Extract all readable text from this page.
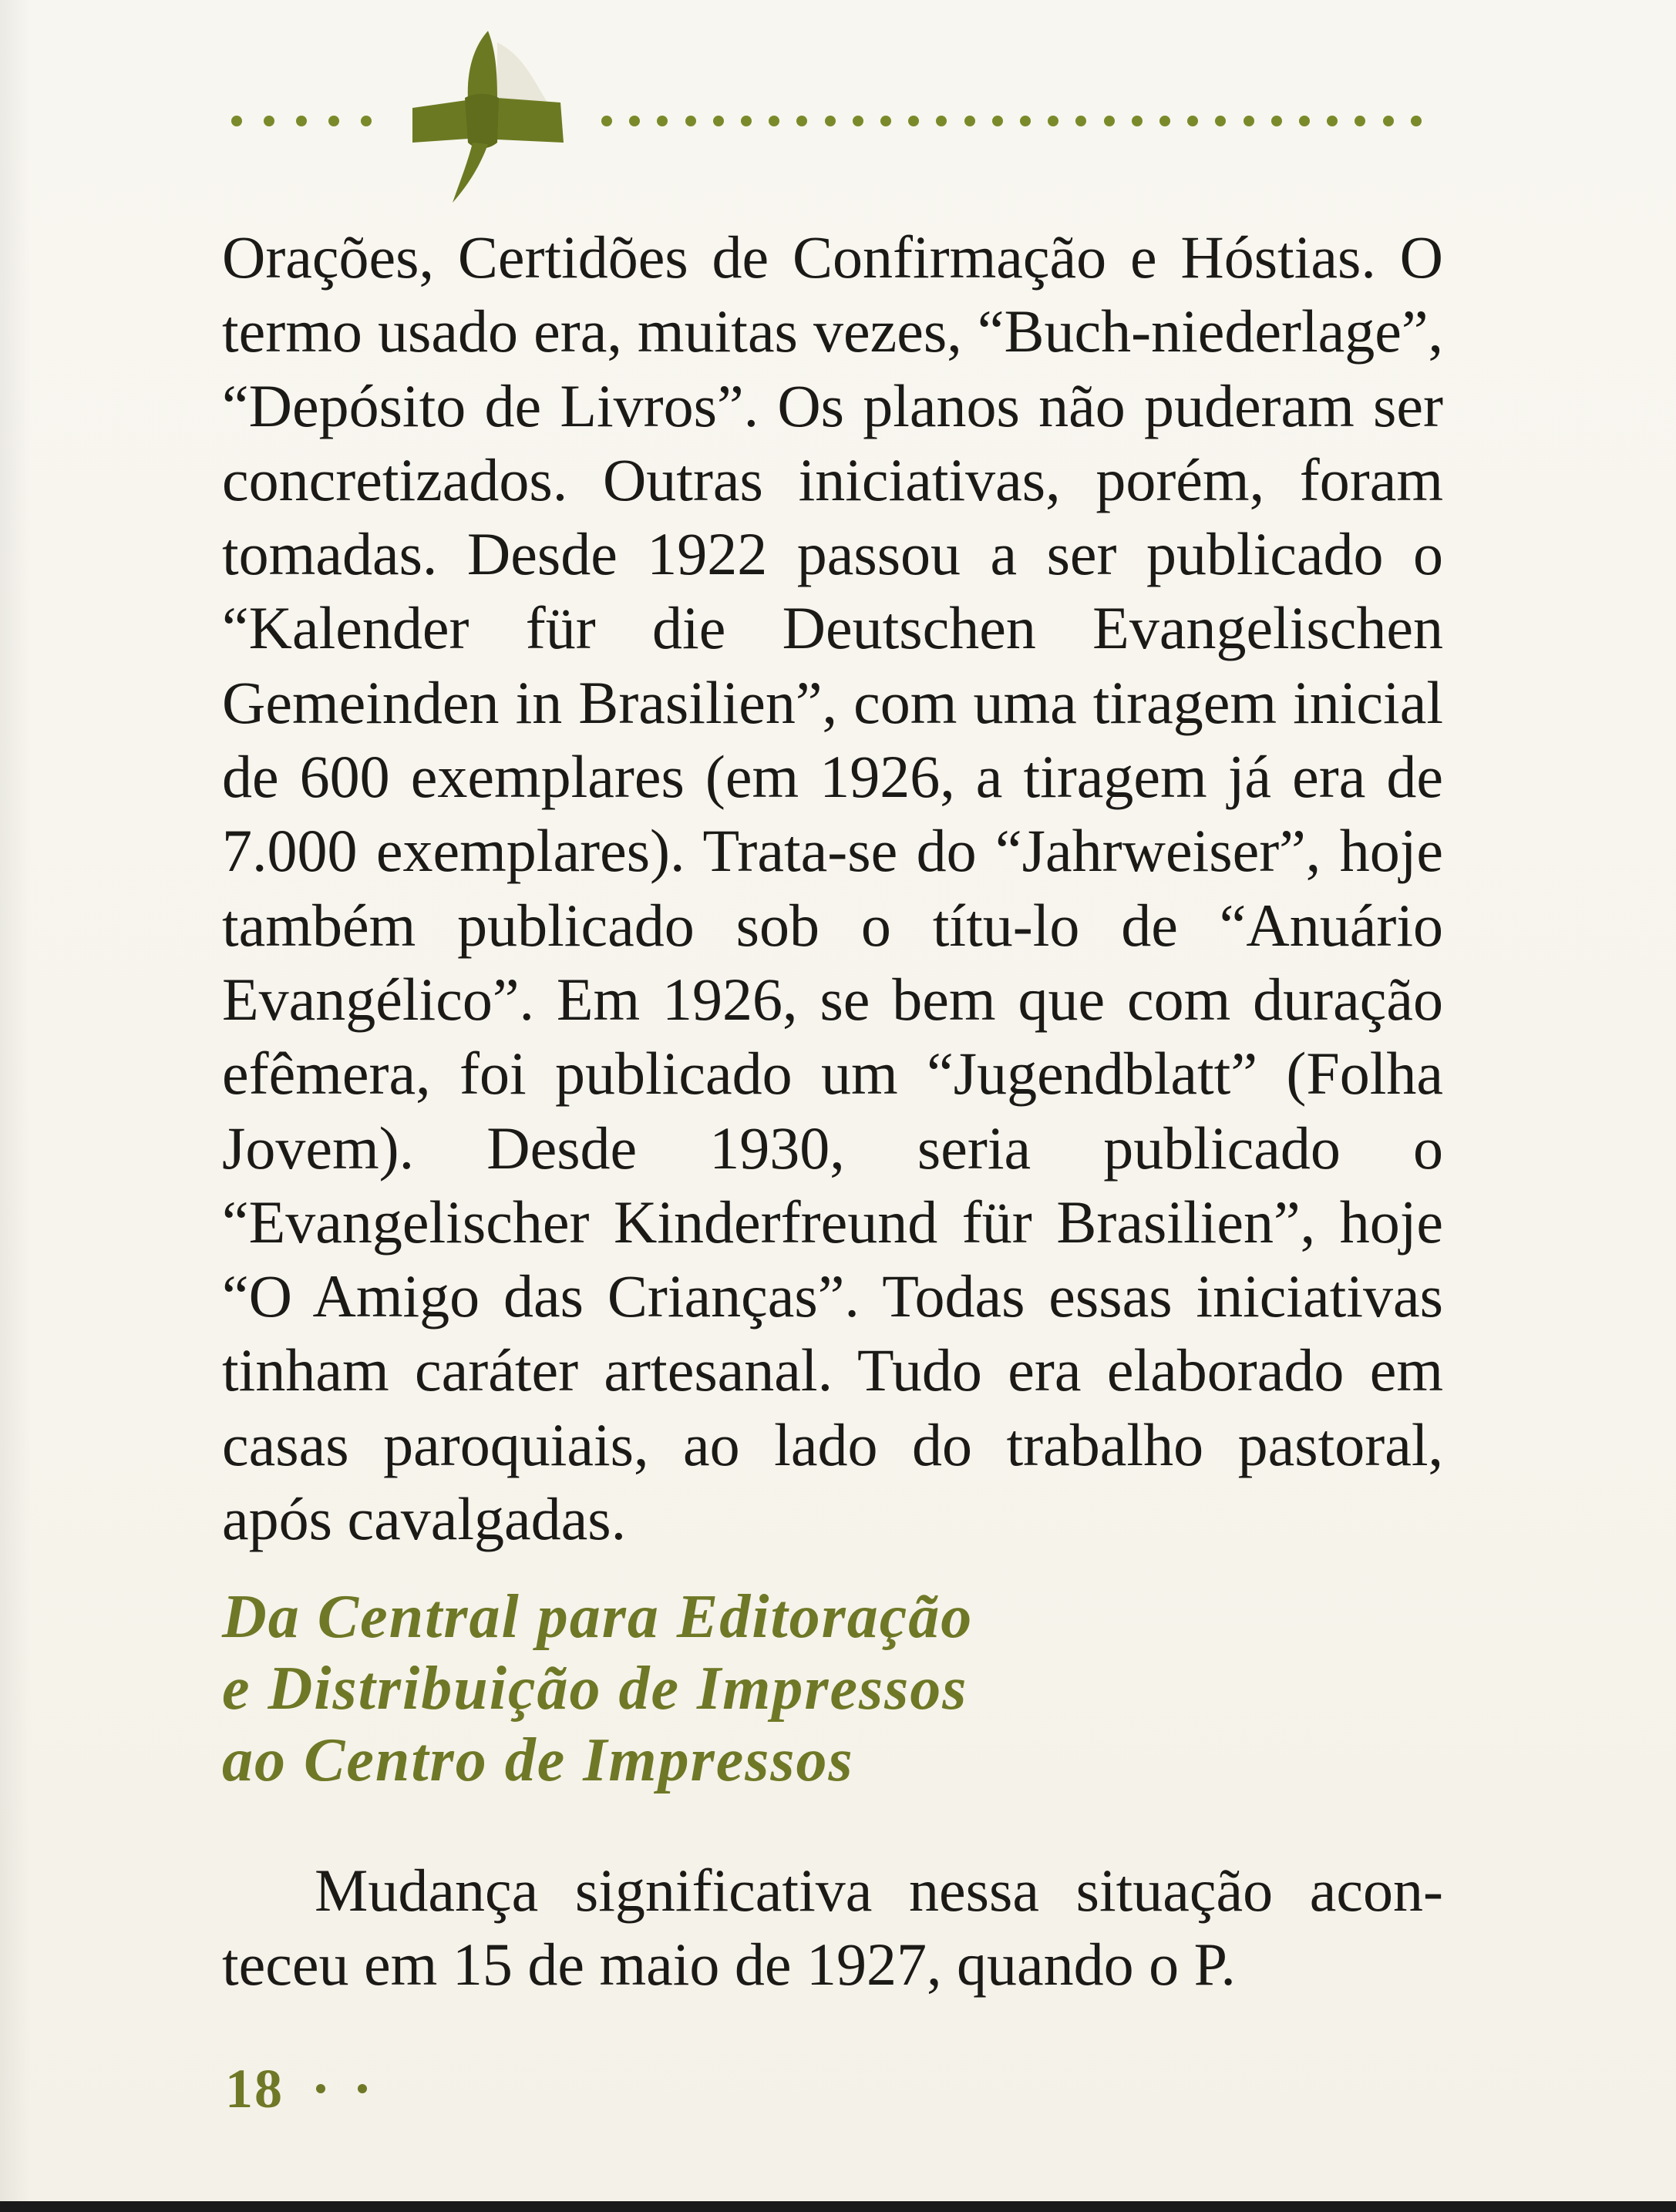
Orações, Certidões de Confirmação e Hóstias. O termo usado era, muitas vezes, “Buch-niederlage”, “Depósito de Livros”. Os planos não puderam ser concretizados. Outras iniciativas, porém, foram tomadas. Desde 1922 passou a ser publicado o “Kalender für die Deutschen Evangelischen Gemeinden in Brasilien”, com uma tiragem inicial de 600 exemplares (em 1926, a tiragem já era de 7.000 exemplares). Trata-se do “Jahrweiser”, hoje também publicado sob o títu-lo de “Anuário Evangélico”. Em 1926, se bem que com duração efêmera, foi publicado um “Jugendblatt” (Folha Jovem). Desde 1930, seria publicado o “Evangelischer Kinderfreund für Brasilien”, hoje “O Amigo das Crianças”. Todas essas iniciativas tinham caráter artesanal. Tudo era elaborado em casas paroquiais, ao lado do trabalho pastoral, após cavalgadas.

Da Central para Editoração
e Distribuição de Impressos
ao Centro de Impressos

Mudança significativa nessa situação acon-teceu em 15 de maio de 1927, quando o P.

18
